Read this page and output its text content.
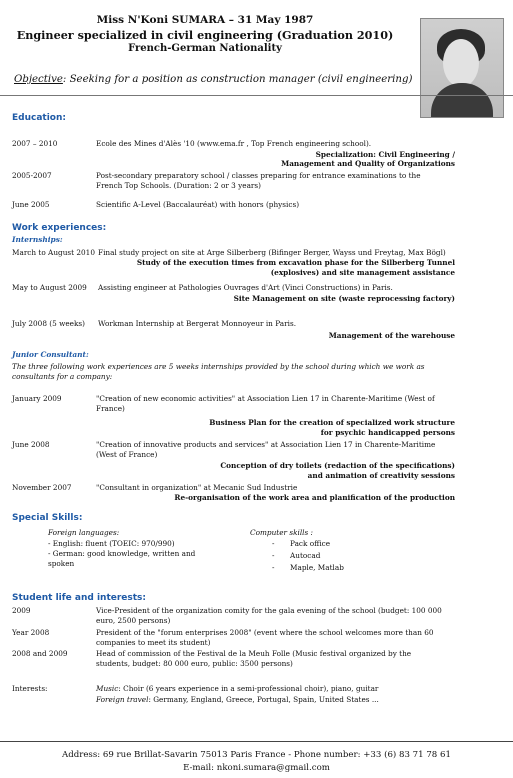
Miss N'Koni SUMARA – 31 May 1987
Engineer specialized in civil engineering (Graduation 2010)
French-German Nationality
Objective: Seeking for a position as construction manager (civil engineering)
Education:
2007 – 2010	Ecole des Mines d'Alès '10 (www.ema.fr , Top French engineering school).
Specialization: Civil Engineering /
Management and Quality of Organizations
2005-2007	Post-secondary preparatory school / classes preparing for entrance examinations to the
French Top Schools. (Duration: 2 or 3 years)
June 2005	Scientific A-Level (Baccalauréat) with honors (physics)
Work experiences:
Internships:
March to August 2010 Final study project on site at Arge Silberberg (Bifinger Berger, Wayss und Freytag, Max Bögl)
Study of the execution times from excavation phase for the Silberberg Tunnel
(explosives) and site management assistance
May to August 2009 Assisting engineer at Pathologies Ouvrages d'Art (Vinci Constructions) in Paris.
Site Management on site (waste reprocessing factory)
July 2008 (5 weeks) Workman Internship at Bergerat Monnoyeur in Paris.
Management of the warehouse
Junior Consultant:
The three following work experiences are 5 weeks internships provided by the school during which we work as
consultants for a company:
January 2009	"Creation of new economic activities" at Association Lien 17 in Charente-Maritime (West of
France)
Business Plan for the creation of specialized work structure
for psychic handicapped persons
June 2008	"Creation of innovative products and services" at Association Lien 17 in Charente-Maritime
(West of France)
Conception of dry toilets (redaction of the specifications)
and animation of creativity sessions
November 2007	"Consultant in organization" at Mecanic Sud Industrie
Re-organisation of the work area and planification of the production
Special Skills:
Foreign languages:
- English: fluent (TOEIC: 970/990)
- German: good knowledge, written and
spoken
Computer skills :
- Pack office
- Autocad
- Maple, Matlab
Student life and interests:
2009	Vice-President of the organization comity for the gala evening of the school (budget: 100 000
euro, 2500 persons)
Year 2008	President of the "forum enterprises 2008" (event where the school welcomes more than 60
companies to meet its student)
2008 and 2009	Head of commission of the Festival de la Meuh Folle (Music festival organized by the
students, budget: 80 000 euro, public: 3500 persons)
Interests:	Music: Choir (6 years experience in a semi-professional choir), piano, guitar
Foreign travel: Germany, England, Greece, Portugal, Spain, United States ...
Address: 69 rue Brillat-Savarin 75013 Paris France - Phone number: +33 (6) 83 71 78 61
E-mail: nkoni.sumara@gmail.com
